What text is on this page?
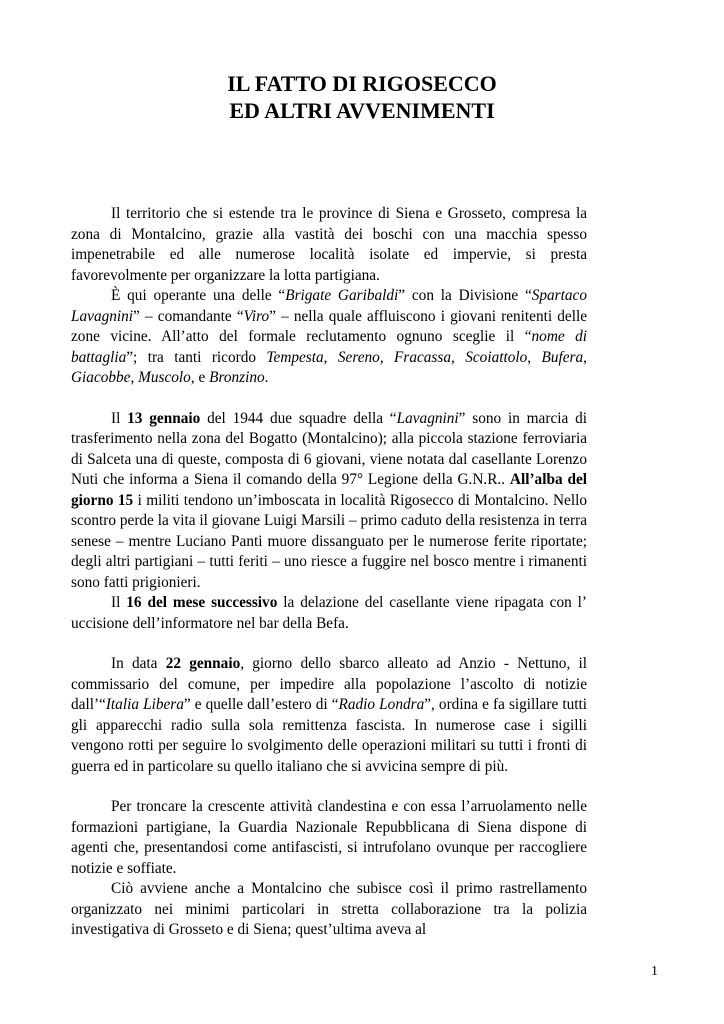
IL FATTO DI RIGOSECCO
ED ALTRI AVVENIMENTI

Il territorio che si estende tra le province di Siena e Grosseto, compresa la zona di Montalcino, grazie alla vastità dei boschi con una macchia spesso impenetrabile ed alle numerose località isolate ed impervie, si presta favorevolmente per organizzare la lotta partigiana.

È qui operante una delle “Brigate Garibaldi” con la Divisione “Spartaco Lavagnini” – comandante “Viro” – nella quale affluiscono i giovani renitenti delle zone vicine. All’atto del formale reclutamento ognuno sceglie il “nome di battaglia”; tra tanti ricordo Tempesta, Sereno, Fracassa, Scoiattolo, Bufera, Giacobbe, Muscolo, e Bronzino.

Il 13 gennaio del 1944 due squadre della “Lavagnini” sono in marcia di trasferimento nella zona del Bogatto (Montalcino); alla piccola stazione ferroviaria di Salceta una di queste, composta di 6 giovani, viene notata dal casellante Lorenzo Nuti che informa a Siena il comando della 97° Legione della G.N.R.. All’alba del giorno 15 i militi tendono un’imboscata in località Rigosecco di Montalcino. Nello scontro perde la vita il giovane Luigi Marsili – primo caduto della resistenza in terra senese – mentre Luciano Panti muore dissanguato per le numerose ferite riportate; degli altri partigiani – tutti feriti – uno riesce a fuggire nel bosco mentre i rimanenti sono fatti prigionieri.

Il 16 del mese successivo la delazione del casellante viene ripagata con l’ uccisione dell’informatore nel bar della Befa.

In data 22 gennaio, giorno dello sbarco alleato ad Anzio - Nettuno, il commissario del comune, per impedire alla popolazione l’ascolto di notizie dall’“Italia Libera” e quelle dall’estero di “Radio Londra”, ordina e fa sigillare tutti gli apparecchi radio sulla sola remittenza fascista. In numerose case i sigilli vengono rotti per seguire lo svolgimento delle operazioni militari su tutti i fronti di guerra ed in particolare su quello italiano che si avvicina sempre di più.

Per troncare la crescente attività clandestina e con essa l’arruolamento nelle formazioni partigiane, la Guardia Nazionale Repubblicana di Siena dispone di agenti che, presentandosi come antifascisti, si intrufolano ovunque per raccogliere notizie e soffiate.

Ciò avviene anche a Montalcino che subisce così il primo rastrellamento organizzato nei minimi particolari in stretta collaborazione tra la polizia investigativa di Grosseto e di Siena; quest’ultima aveva al

1
